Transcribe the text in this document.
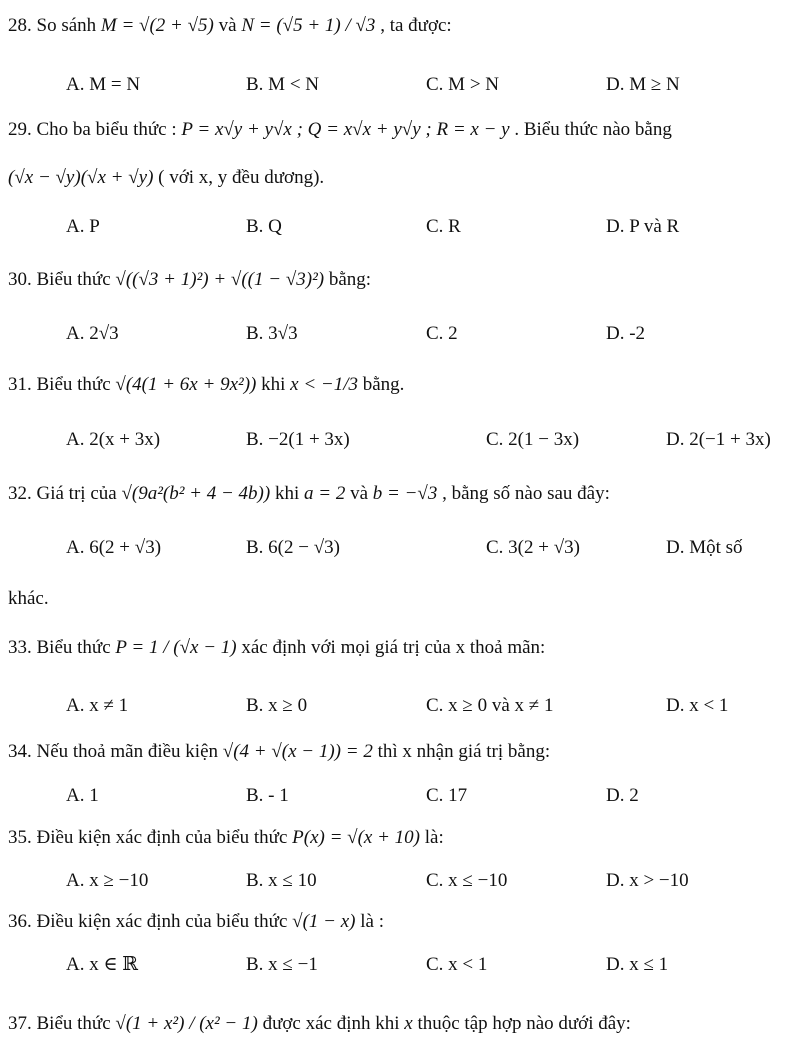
28. So sánh M = √(2 + √5) và N = (√5 + 1) / √3 , ta được:
A. M = N	B. M < N	C. M > N	D. M ≥ N
29. Cho ba biểu thức : P = x√y + y√x ; Q = x√x + y√y ; R = x − y . Biểu thức nào bằng
(√x − √y)(√x + √y) ( với x, y đều dương).
A. P	B. Q	C. R	D. P và R
30. Biểu thức √((√3 + 1)²) + √((1 − √3)²) bằng:
A. 2√3	B. 3√3	C. 2	D. -2
31. Biểu thức √(4(1 + 6x + 9x²)) khi x < −1/3 bằng.
A. 2(x + 3x)	B. −2(1 + 3x)	C. 2(1 − 3x)	D. 2(−1 + 3x)
32. Giá trị của √(9a²(b² + 4 − 4b)) khi a = 2 và b = −√3 , bằng số nào sau đây:
A. 6(2 + √3)	B. 6(2 − √3)	C. 3(2 + √3)	D. Một số
khác.
33. Biểu thức P = 1 / (√x − 1) xác định với mọi giá trị của x thoả mãn:
A. x ≠ 1	B. x ≥ 0	C. x ≥ 0 và x ≠ 1	D. x < 1
34. Nếu thoả mãn điều kiện √(4 + √(x − 1)) = 2 thì x nhận giá trị bằng:
A. 1	B. - 1	C. 17	D. 2
35. Điều kiện xác định của biểu thức P(x) = √(x + 10) là:
A. x ≥ −10	B. x ≤ 10	C. x ≤ −10	D. x > −10
36. Điều kiện xác định của biểu thức √(1 − x) là :
A. x ∈ ℝ	B. x ≤ −1	C. x < 1	D. x ≤ 1
37. Biểu thức √(1 + x²) / (x² − 1) được xác định khi x thuộc tập hợp nào dưới đây:
